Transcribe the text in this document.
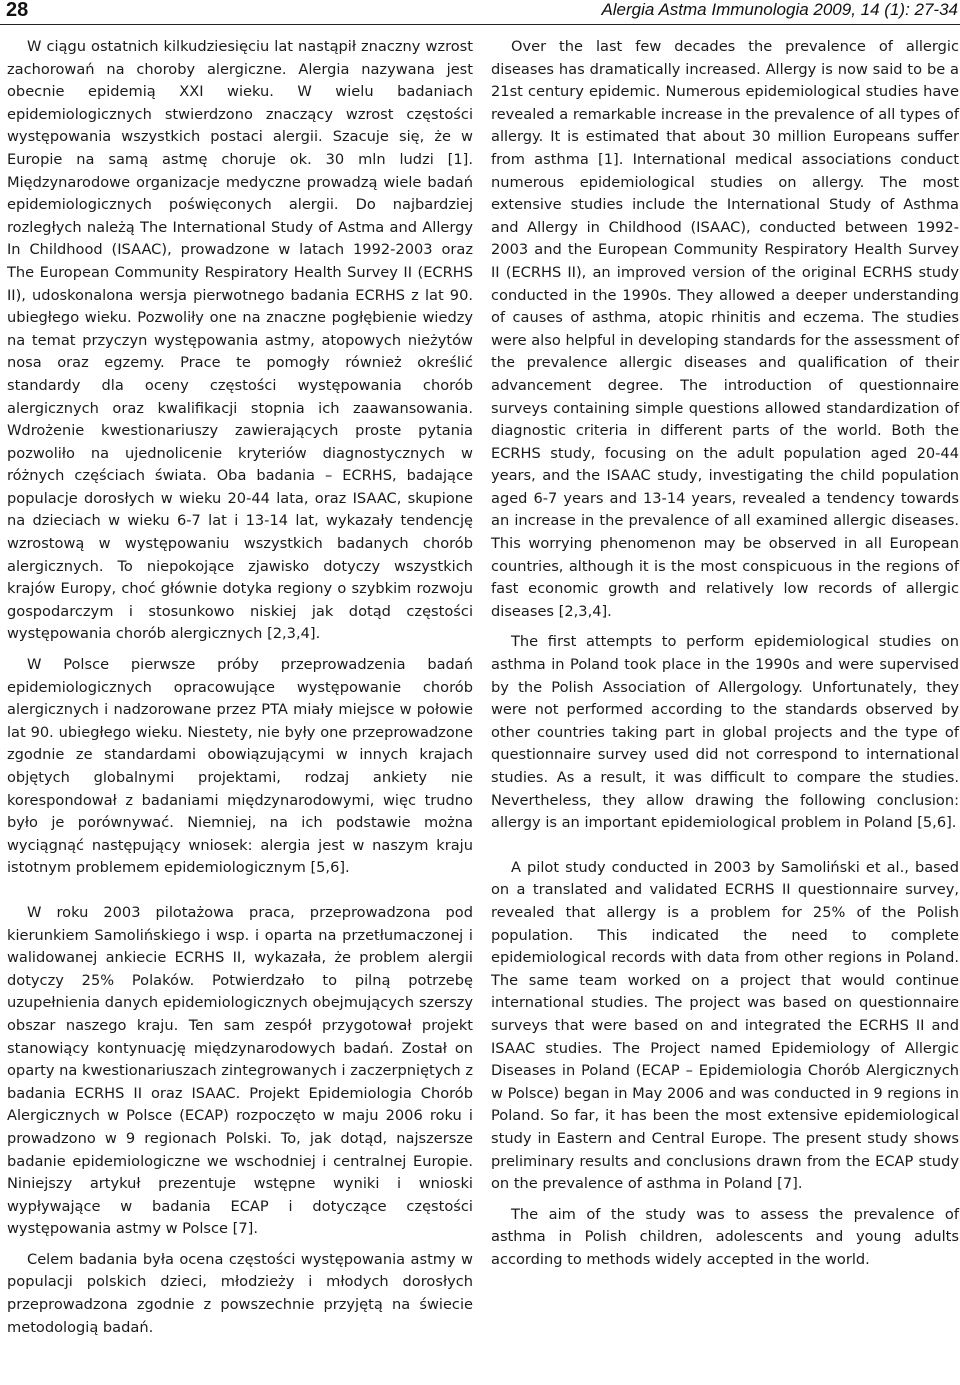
28	Alergia Astma Immunologia 2009, 14 (1): 27-34

W ciągu ostatnich kilkudziesięciu lat nastąpił znaczny wzrost zachorowań na choroby alergiczne. Alergia nazywana jest obecnie epidemią XXI wieku. W wielu badaniach epidemiologicznych stwierdzono znaczący wzrost częstości występowania wszystkich postaci alergii. Szacuje się, że w Europie na samą astmę choruje ok. 30 mln ludzi [1]. Międzynarodowe organizacje medyczne prowadzą wiele badań epidemiologicznych poświęconych alergii. Do najbardziej rozległych należą The International Study of Astma and Allergy In Childhood (ISAAC), prowadzone w latach 1992-2003 oraz The European Community Respiratory Health Survey II (ECRHS II), udoskonalona wersja pierwotnego badania ECRHS z lat 90. ubiegłego wieku. Pozwoliły one na znaczne pogłębienie wiedzy na temat przyczyn występowania astmy, atopowych nieżytów nosa oraz egzemy. Prace te pomogły również określić standardy dla oceny częstości występowania chorób alergicznych oraz kwalifikacji stopnia ich zaawansowania. Wdrożenie kwestionariuszy zawierających proste pytania pozwoliło na ujednolicenie kryteriów diagnostycznych w różnych częściach świata. Oba badania – ECRHS, badające populacje dorosłych w wieku 20-44 lata, oraz ISAAC, skupione na dzieciach w wieku 6-7 lat i 13-14 lat, wykazały tendencję wzrostową w występowaniu wszystkich badanych chorób alergicznych. To niepokojące zjawisko dotyczy wszystkich krajów Europy, choć głównie dotyka regiony o szybkim rozwoju gospodarczym i stosunkowo niskiej jak dotąd częstości występowania chorób alergicznych [2,3,4].

W Polsce pierwsze próby przeprowadzenia badań epidemiologicznych opracowujące występowanie chorób alergicznych i nadzorowane przez PTA miały miejsce w połowie lat 90. ubiegłego wieku. Niestety, nie były one przeprowadzone zgodnie ze standardami obowiązującymi w innych krajach objętych globalnymi projektami, rodzaj ankiety nie korespondował z badaniami międzynarodowymi, więc trudno było je porównywać. Niemniej, na ich podstawie można wyciągnąć następujący wniosek: alergia jest w naszym kraju istotnym problemem epidemiologicznym [5,6].

W roku 2003 pilotażowa praca, przeprowadzona pod kierunkiem Samolińskiego i wsp. i oparta na przetłumaczonej i walidowanej ankiecie ECRHS II, wykazała, że problem alergii dotyczy 25% Polaków. Potwierdzało to pilną potrzebę uzupełnienia danych epidemiologicznych obejmujących szerszy obszar naszego kraju. Ten sam zespół przygotował projekt stanowiący kontynuację międzynarodowych badań. Został on oparty na kwestionariuszach zintegrowanych i zaczerpniętych z badania ECRHS II oraz ISAAC. Projekt Epidemiologia Chorób Alergicznych w Polsce (ECAP) rozpoczęto w maju 2006 roku i prowadzono w 9 regionach Polski. To, jak dotąd, najszersze badanie epidemiologiczne we wschodniej i centralnej Europie. Niniejszy artykuł prezentuje wstępne wyniki i wnioski wypływające w badania ECAP i dotyczące częstości występowania astmy w Polsce [7].

Celem badania była ocena częstości występowania astmy w populacji polskich dzieci, młodzieży i młodych dorosłych przeprowadzona zgodnie z powszechnie przyjętą na świecie metodologią badań.

Over the last few decades the prevalence of allergic diseases has dramatically increased. Allergy is now said to be a 21st century epidemic. Numerous epidemiological studies have revealed a remarkable increase in the prevalence of all types of allergy. It is estimated that about 30 million Europeans suffer from asthma [1]. International medical associations conduct numerous epidemiological studies on allergy. The most extensive studies include the International Study of Asthma and Allergy in Childhood (ISAAC), conducted between 1992-2003 and the European Community Respiratory Health Survey II (ECRHS II), an improved version of the original ECRHS study conducted in the 1990s. They allowed a deeper understanding of causes of asthma, atopic rhinitis and eczema. The studies were also helpful in developing standards for the assessment of the prevalence allergic diseases and qualification of their advancement degree. The introduction of questionnaire surveys containing simple questions allowed standardization of diagnostic criteria in different parts of the world. Both the ECRHS study, focusing on the adult population aged 20-44 years, and the ISAAC study, investigating the child population aged 6-7 years and 13-14 years, revealed a tendency towards an increase in the prevalence of all examined allergic diseases. This worrying phenomenon may be observed in all European countries, although it is the most conspicuous in the regions of fast economic growth and relatively low records of allergic diseases [2,3,4].

The first attempts to perform epidemiological studies on asthma in Poland took place in the 1990s and were supervised by the Polish Association of Allergology. Unfortunately, they were not performed according to the standards observed by other countries taking part in global projects and the type of questionnaire survey used did not correspond to international studies. As a result, it was difficult to compare the studies. Nevertheless, they allow drawing the following conclusion: allergy is an important epidemiological problem in Poland [5,6].

A pilot study conducted in 2003 by Samoliński et al., based on a translated and validated ECRHS II questionnaire survey, revealed that allergy is a problem for 25% of the Polish population. This indicated the need to complete epidemiological records with data from other regions in Poland. The same team worked on a project that would continue international studies. The project was based on questionnaire surveys that were based on and integrated the ECRHS II and ISAAC studies. The Project named Epidemiology of Allergic Diseases in Poland (ECAP – Epidemiologia Chorób Alergicznych w Polsce) began in May 2006 and was conducted in 9 regions in Poland. So far, it has been the most extensive epidemiological study in Eastern and Central Europe. The present study shows preliminary results and conclusions drawn from the ECAP study on the prevalence of asthma in Poland [7].

The aim of the study was to assess the prevalence of asthma in Polish children, adolescents and young adults according to methods widely accepted in the world.
